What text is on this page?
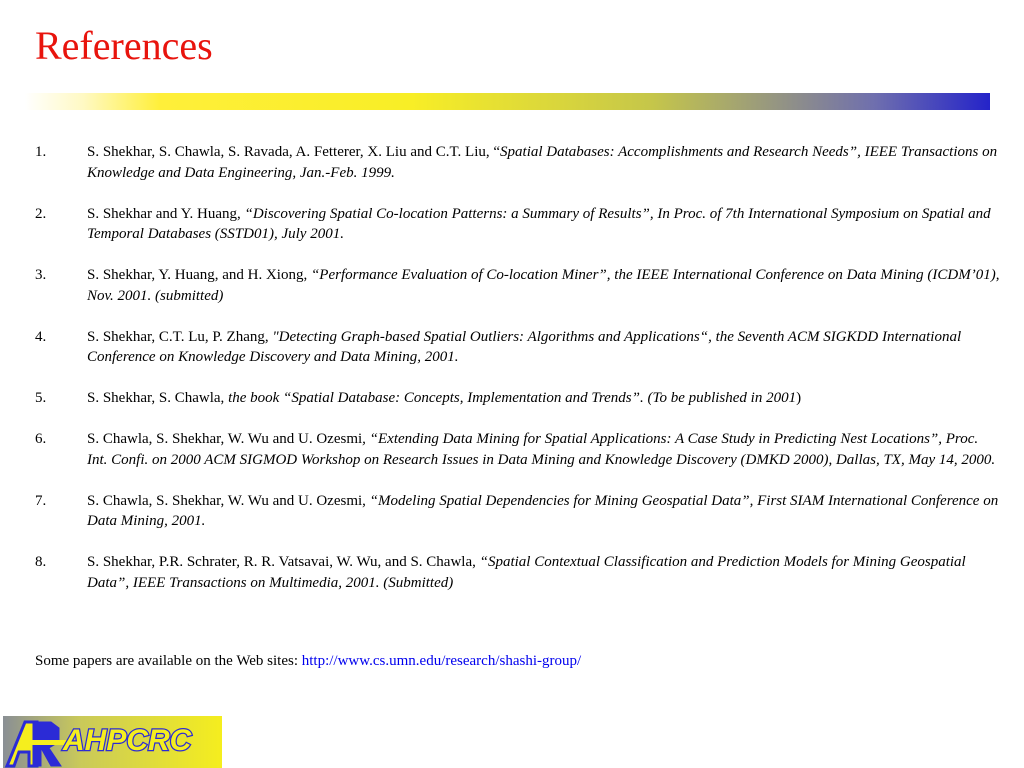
References
1.	S. Shekhar, S. Chawla, S. Ravada, A. Fetterer, X. Liu and C.T. Liu, “Spatial Databases: Accomplishments and Research Needs”, IEEE Transactions on Knowledge and Data Engineering, Jan.-Feb. 1999.
2.	S. Shekhar and Y. Huang, “Discovering Spatial Co-location Patterns: a Summary of Results”, In Proc. of 7th International Symposium on Spatial and Temporal Databases (SSTD01), July 2001.
3.	S. Shekhar, Y. Huang, and H. Xiong, “Performance Evaluation of Co-location Miner”, the IEEE International Conference on Data Mining (ICDM’01), Nov. 2001. (submitted)
4.	S. Shekhar, C.T. Lu, P. Zhang, "Detecting Graph-based Spatial Outliers: Algorithms and Applications“, the Seventh ACM SIGKDD International Conference on Knowledge Discovery and Data Mining, 2001.
5.	S. Shekhar, S. Chawla, the book “Spatial Database: Concepts, Implementation and Trends”. (To be published in 2001)
6.	S. Chawla, S. Shekhar, W. Wu and U. Ozesmi, “Extending Data Mining for Spatial Applications: A Case Study in Predicting Nest Locations”, Proc. Int. Confi. on 2000 ACM SIGMOD Workshop on Research Issues in Data Mining and Knowledge Discovery (DMKD 2000), Dallas, TX, May 14, 2000.
7.	S. Chawla, S. Shekhar, W. Wu and U. Ozesmi, “Modeling Spatial Dependencies for Mining Geospatial Data”, First SIAM International Conference on Data Mining, 2001.
8.	S. Shekhar, P.R. Schrater, R. R. Vatsavai, W. Wu, and S. Chawla, “Spatial Contextual Classification and Prediction Models for Mining Geospatial Data”, IEEE Transactions on Multimedia, 2001. (Submitted)
Some papers are available on the Web sites: http://www.cs.umn.edu/research/shashi-group/
AHPCRC
